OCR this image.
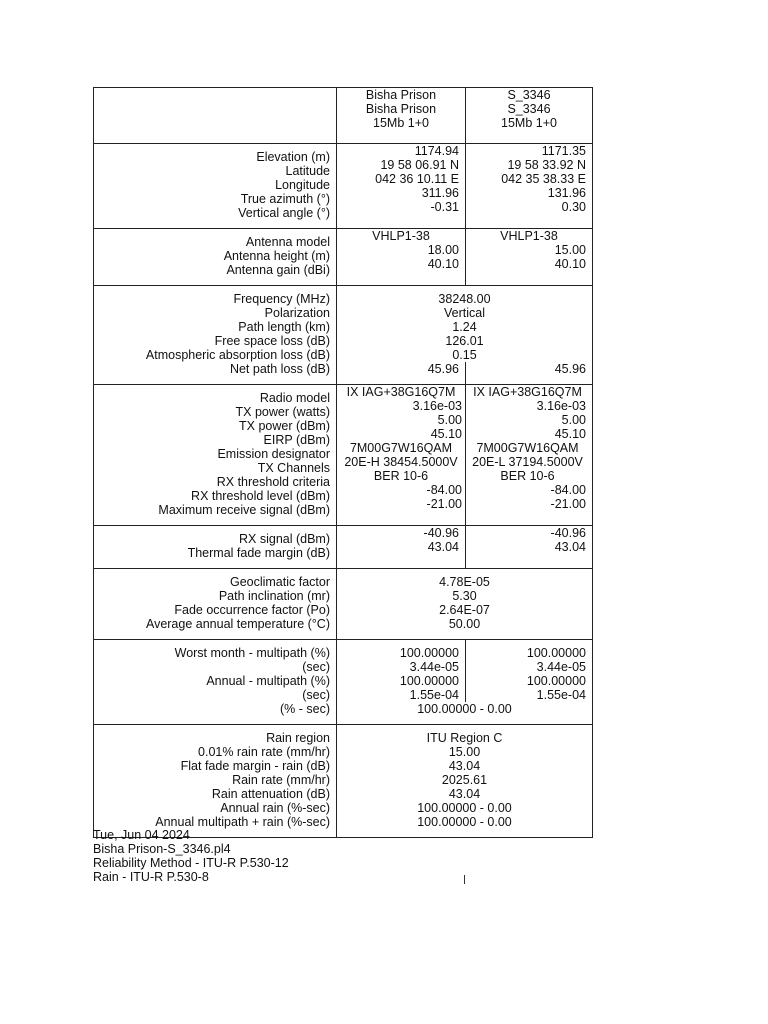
Bisha Prison
Bisha Prison
15Mb 1+0
S_3346
S_3346
15Mb 1+0
Elevation (m)
Latitude
Longitude
True azimuth (°)
Vertical angle (°)
1174.94
19 58 06.91 N
042 36 10.11 E
311.96
-0.31
1171.35
19 58 33.92 N
042 35 38.33 E
131.96
0.30
Antenna model
Antenna height (m)
Antenna gain (dBi)
VHLP1-38
18.00
40.10
VHLP1-38
15.00
40.10
Frequency (MHz)
Polarization
Path length (km)
Free space loss (dB)
Atmospheric absorption loss (dB)
Net path loss (dB)
38248.00
Vertical
1.24
126.01
0.15
45.96	45.96
Radio model
TX power (watts)
TX power (dBm)
EIRP (dBm)
Emission designator
TX Channels
RX threshold criteria
RX threshold level (dBm)
Maximum receive signal (dBm)
IX IAG+38G16Q7M
3.16e-03
5.00
45.10
7M00G7W16QAM
20E-H 38454.5000V
BER 10-6
-84.00
-21.00
IX IAG+38G16Q7M
3.16e-03
5.00
45.10
7M00G7W16QAM
20E-L 37194.5000V
BER 10-6
-84.00
-21.00
RX signal (dBm)
Thermal fade margin (dB)
-40.96
43.04
-40.96
43.04
Geoclimatic factor
Path inclination (mr)
Fade occurrence factor (Po)
Average annual temperature (°C)
4.78E-05
5.30
2.64E-07
50.00
Worst month - multipath (%)
(sec)
Annual - multipath (%)
(sec)
(% - sec)
100.00000
3.44e-05
100.00000
1.55e-04
100.00000
3.44e-05
100.00000
1.55e-04
100.00000 - 0.00
Rain region
0.01% rain rate (mm/hr)
Flat fade margin - rain (dB)
Rain rate (mm/hr)
Rain attenuation (dB)
Annual rain (%-sec)
Annual multipath + rain (%-sec)
ITU Region C
15.00
43.04
2025.61
43.04
100.00000 - 0.00
100.00000 - 0.00
Tue, Jun 04 2024
Bisha Prison-S_3346.pl4
Reliability Method - ITU-R P.530-12
Rain - ITU-R P.530-8
